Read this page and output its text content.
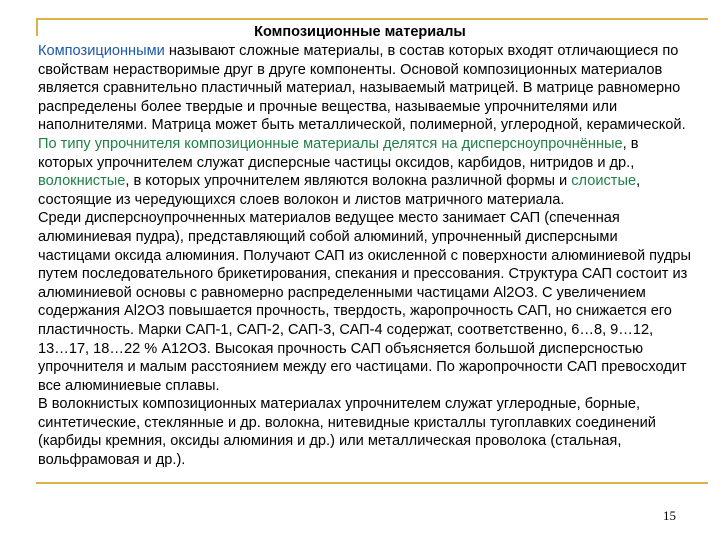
Композиционные материалы
Композиционными называют сложные материалы, в состав которых входят отличающиеся по
свойствам нерастворимые друг в друге компоненты. Основой композиционных материалов
является сравнительно пластичный материал, называемый матрицей. В матрице равномерно
распределены более твердые и прочные вещества, называемые упрочнителями или
наполнителями. Матрица может быть металлической, полимерной, углеродной, керамической.
По типу упрочнителя композиционные материалы делятся на дисперсноупрочнённые, в
которых упрочнителем служат дисперсные частицы оксидов, карбидов, нитридов и др.,
волокнистые, в которых упрочнителем являются волокна различной формы и слоистые,
состоящие из чередующихся слоев волокон и листов матричного материала.
Среди дисперсноупрочненных материалов ведущее место занимает САП (спеченная
алюминиевая пудра), представляющий собой алюминий, упрочненный дисперсными
частицами оксида алюминия. Получают САП из окисленной с поверхности алюминиевой пудры
путем последовательного брикетирования, спекания и прессования. Структура САП состоит из
алюминиевой основы с равномерно распределенными частицами Al2O3. С увеличением
содержания Al2O3 повышается прочность, твердость, жаропрочность САП, но снижается его
пластичность. Марки САП-1, САП-2, САП-3, САП-4 содержат, соответственно, 6…8, 9…12,
13…17, 18…22 % А12О3. Высокая прочность САП объясняется большой дисперсностью
упрочнителя и малым расстоянием между его частицами. По жаропрочности САП превосходит
все алюминиевые сплавы.
В волокнистых композиционных материалах упрочнителем служат углеродные, борные,
синтетические, стеклянные и др. волокна, нитевидные кристаллы тугоплавких соединений
(карбиды кремния, оксиды алюминия и др.) или металлическая проволока (стальная,
вольфрамовая и др.).
15
